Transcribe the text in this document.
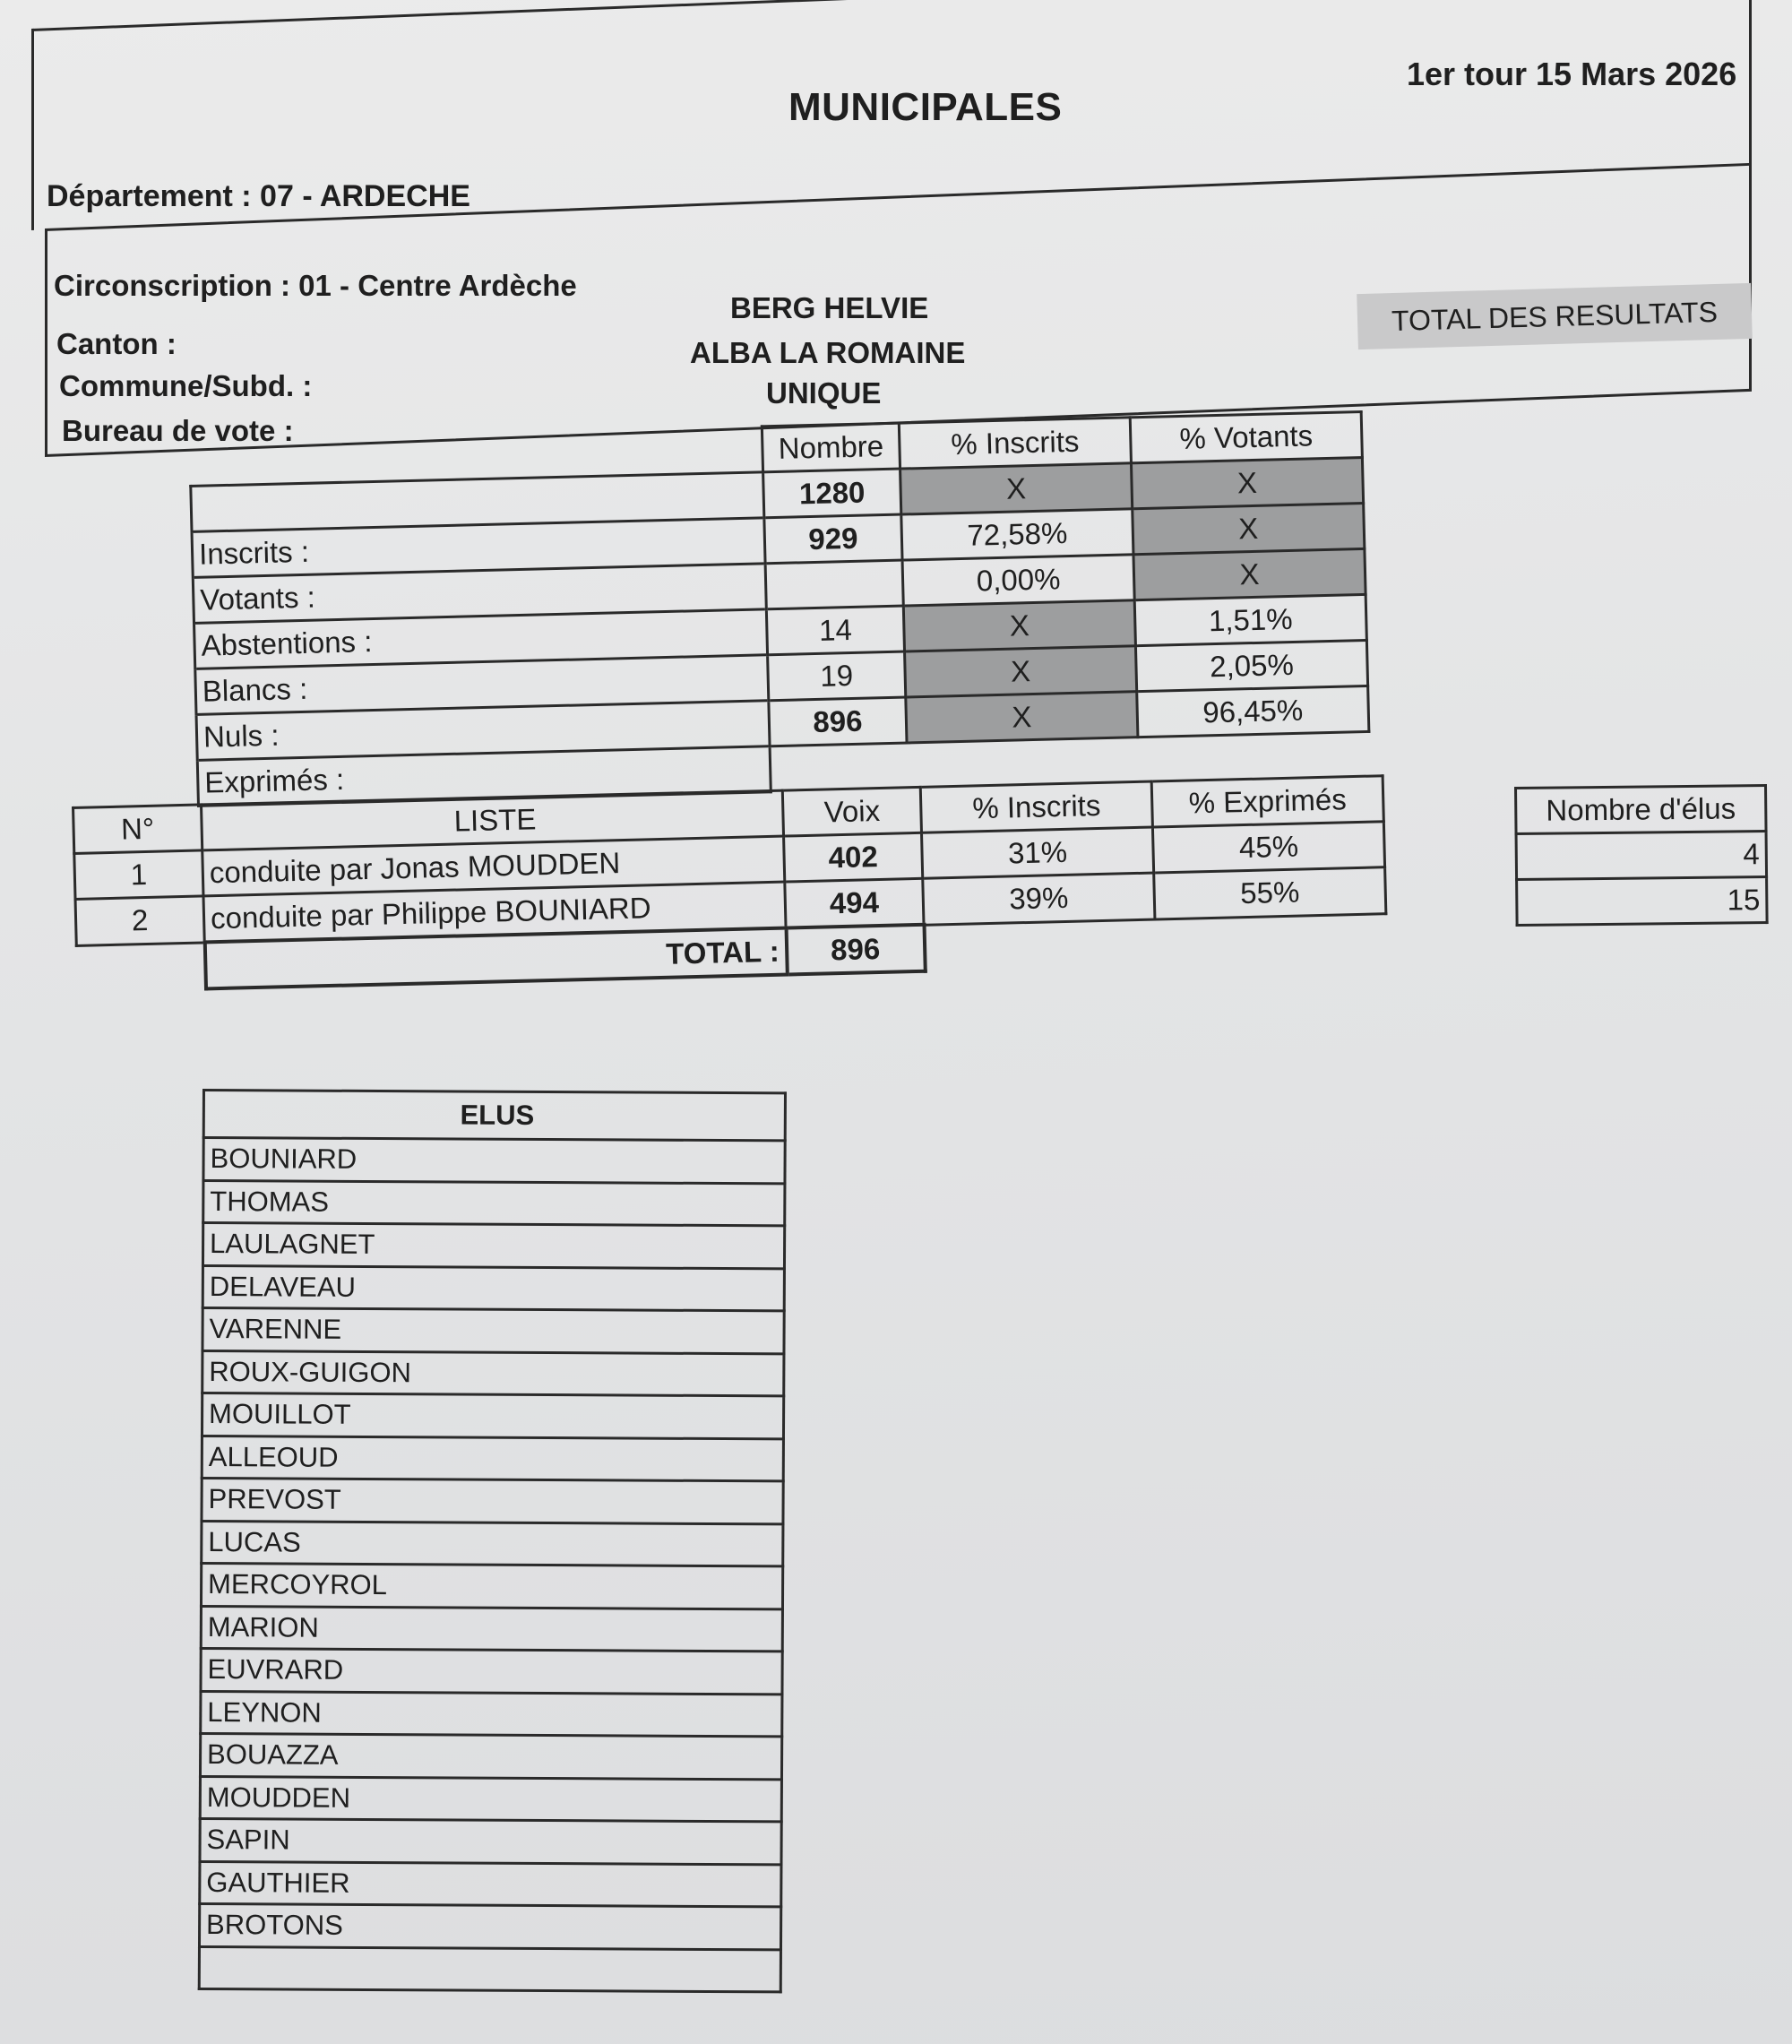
MUNICIPALES
1er tour 15 Mars 2026
Département : 07 - ARDECHE
Circonscription : 01 - Centre Ardèche
Canton :
Commune/Subd. :
Bureau de vote :
BERG HELVIE
ALBA LA ROMAINE
UNIQUE
TOTAL DES RESULTATS
	Nombre	% Inscrits	% Votants
	1280	X	X
Inscrits :	929	72,58%	X
Votants :		0,00%	X
Abstentions :	14	X	1,51%
Blancs :	19	X	2,05%
Nuls :	896	X	96,45%
Exprimés :			
N°	LISTE	Voix	% Inscrits	% Exprimés
1	conduite par Jonas MOUDDEN	402	31%	45%
2	conduite par Philippe BOUNIARD	494	39%	55%
	TOTAL :	896		
Nombre d'élus
4
15
ELUS
BOUNIARD
THOMAS
LAULAGNET
DELAVEAU
VARENNE
ROUX-GUIGON
MOUILLOT
ALLEOUD
PREVOST
LUCAS
MERCOYROL
MARION
EUVRARD
LEYNON
BOUAZZA
MOUDDEN
SAPIN
GAUTHIER
BROTONS
